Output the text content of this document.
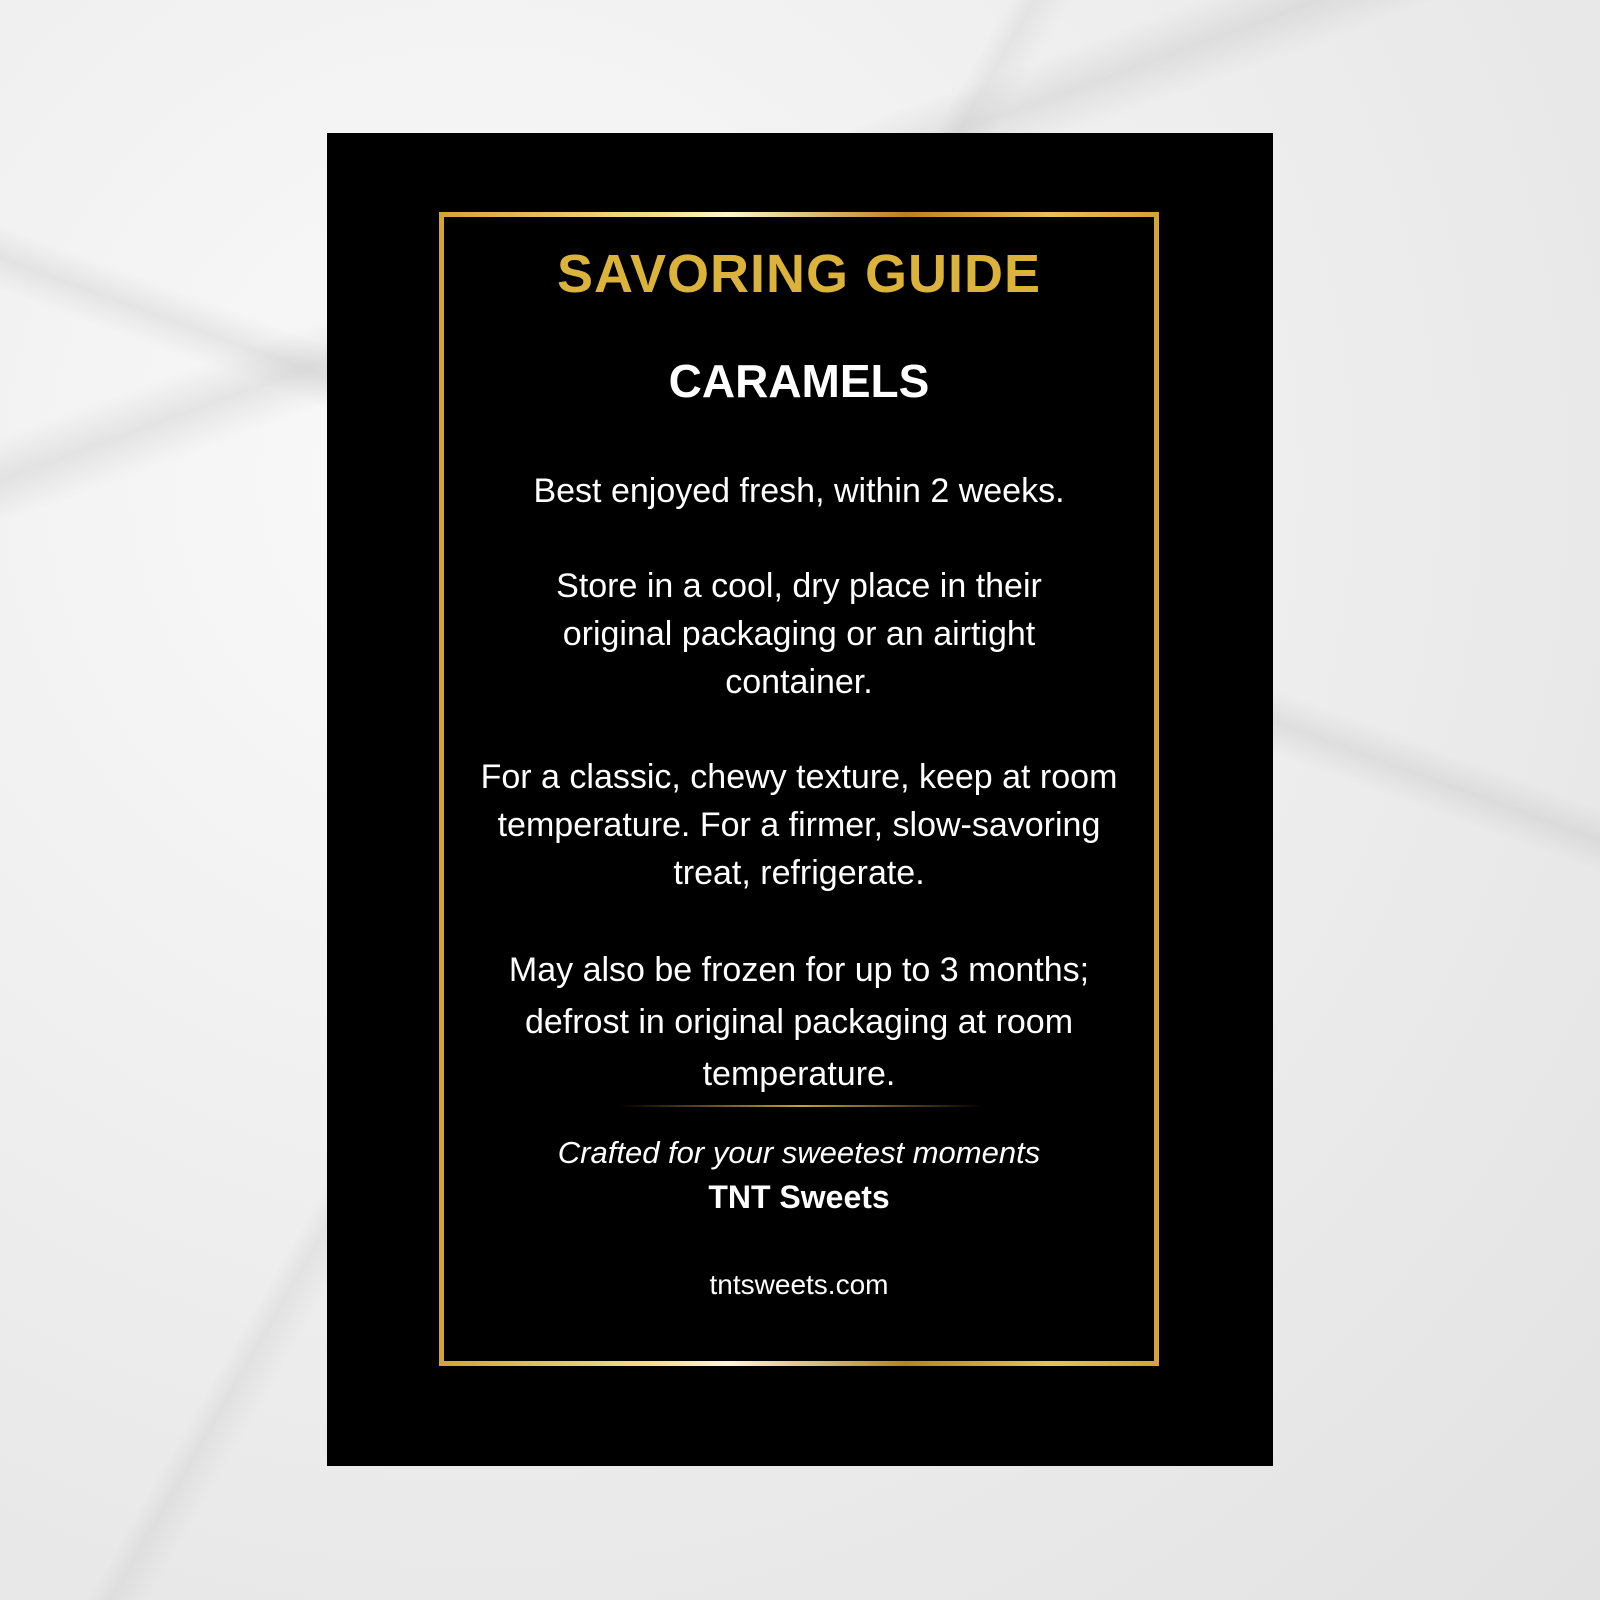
SAVORING GUIDE
CARAMELS
Best enjoyed fresh, within 2 weeks.
Store in a cool, dry place in their original packaging or an airtight container.
For a classic, chewy texture, keep at room temperature. For a firmer, slow-savoring treat, refrigerate.
May also be frozen for up to 3 months; defrost in original packaging at room temperature.
Crafted for your sweetest moments
TNT Sweets
tntsweets.com
